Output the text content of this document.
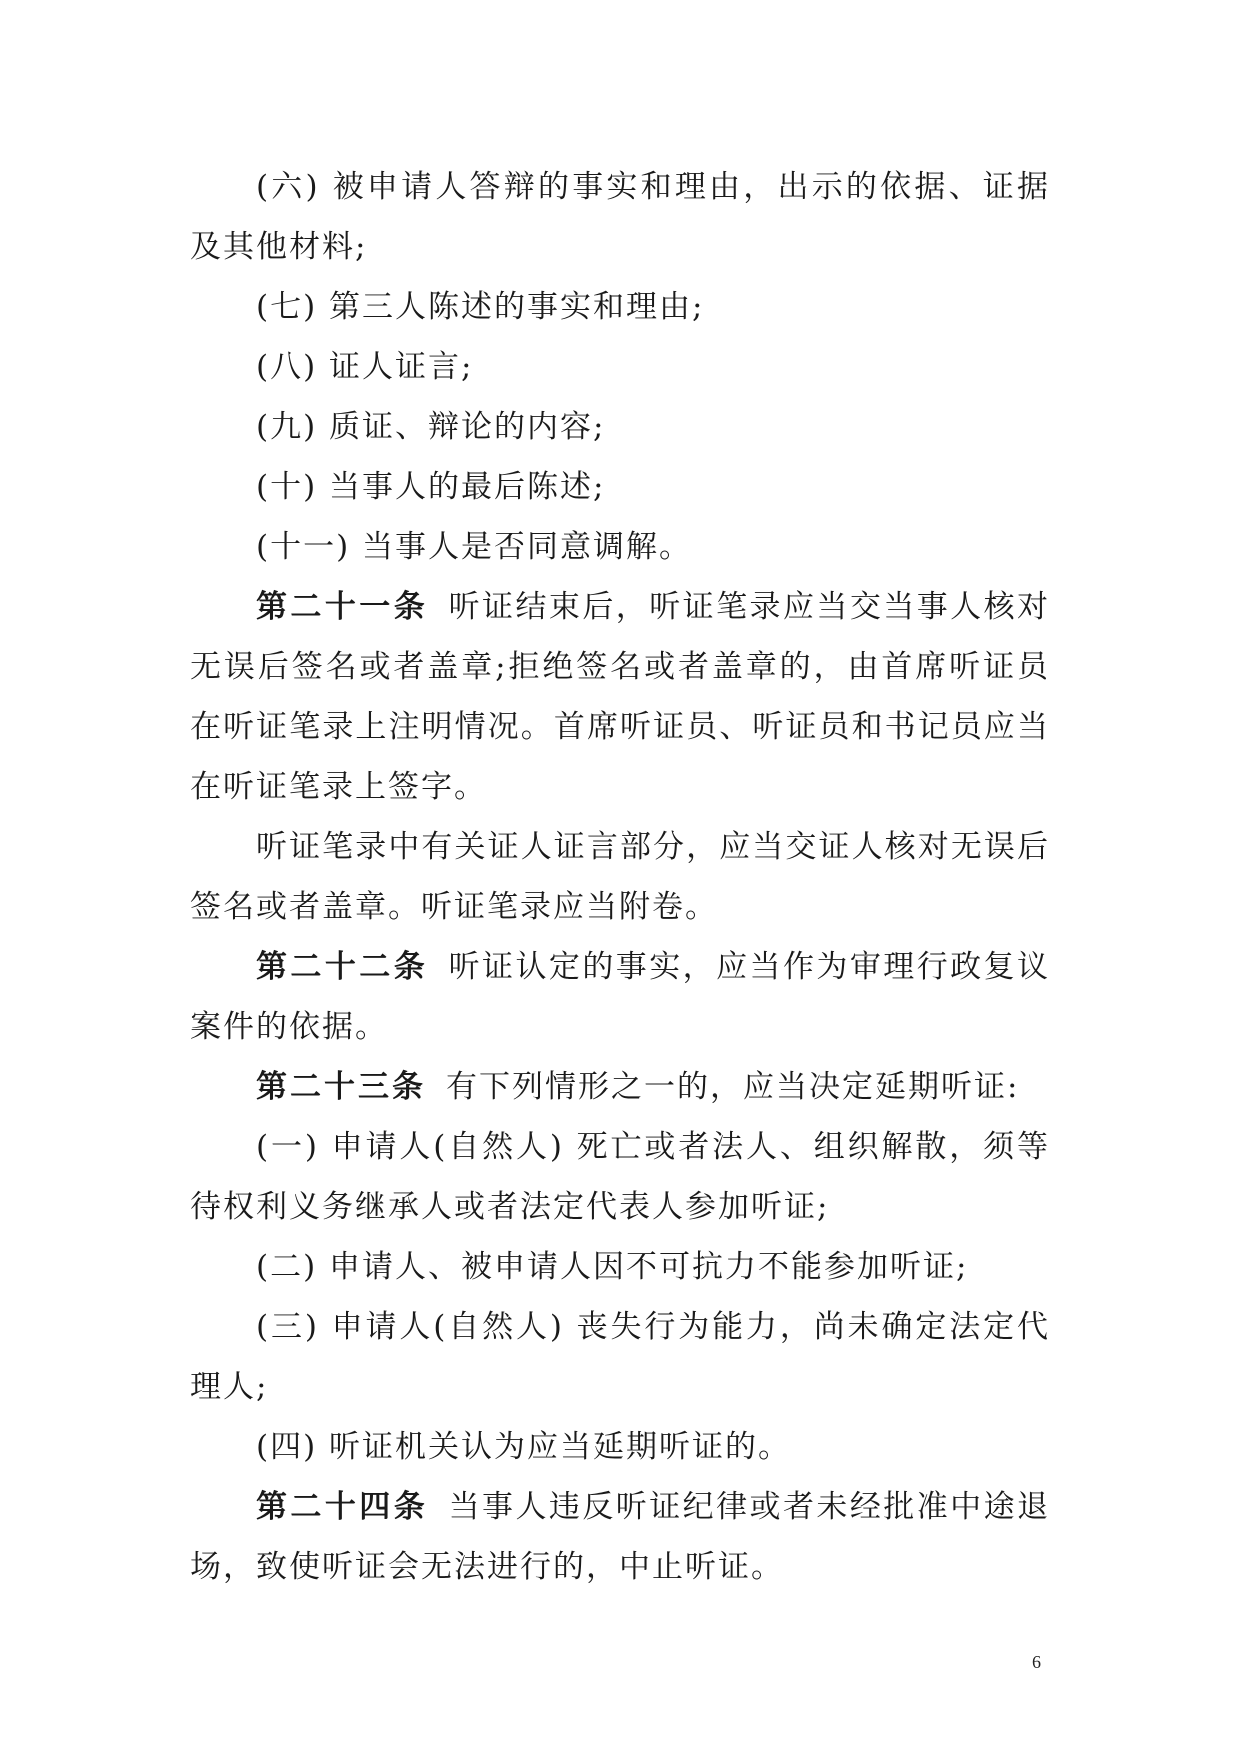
(六) 被申请人答辩的事实和理由，出示的依据、证据及其他材料;

(七) 第三人陈述的事实和理由;

(八) 证人证言;

(九) 质证、辩论的内容;

(十) 当事人的最后陈述;

(十一) 当事人是否同意调解。

第二十一条 听证结束后，听证笔录应当交当事人核对无误后签名或者盖章;拒绝签名或者盖章的，由首席听证员在听证笔录上注明情况。首席听证员、听证员和书记员应当在听证笔录上签字。

听证笔录中有关证人证言部分，应当交证人核对无误后签名或者盖章。听证笔录应当附卷。

第二十二条 听证认定的事实，应当作为审理行政复议案件的依据。

第二十三条 有下列情形之一的，应当决定延期听证:

(一) 申请人(自然人) 死亡或者法人、组织解散，须等待权利义务继承人或者法定代表人参加听证;

(二) 申请人、被申请人因不可抗力不能参加听证;

(三) 申请人(自然人) 丧失行为能力，尚未确定法定代理人;

(四) 听证机关认为应当延期听证的。

第二十四条 当事人违反听证纪律或者未经批准中途退场，致使听证会无法进行的，中止听证。

6
